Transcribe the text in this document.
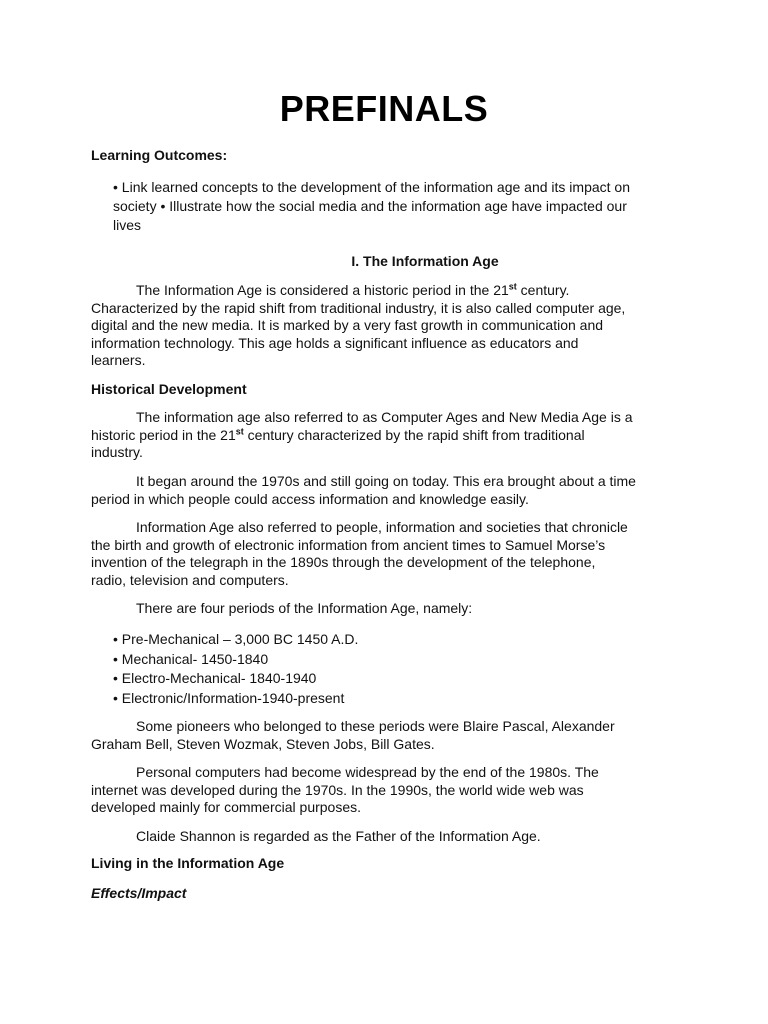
PREFINALS
Learning Outcomes:
• Link learned concepts to the development of the information age and its impact on
society • Illustrate how the social media and the information age have impacted our
lives
I. The Information Age
The Information Age is considered a historic period in the 21st century.
Characterized by the rapid shift from traditional industry, it is also called computer age,
digital and the new media. It is marked by a very fast growth in communication and
information technology. This age holds a significant influence as educators and
learners.
Historical Development
The information age also referred to as Computer Ages and New Media Age is a
historic period in the 21st century characterized by the rapid shift from traditional
industry.
It began around the 1970s and still going on today. This era brought about a time
period in which people could access information and knowledge easily.
Information Age also referred to people, information and societies that chronicle
the birth and growth of electronic information from ancient times to Samuel Morse’s
invention of the telegraph in the 1890s through the development of the telephone,
radio, television and computers.
There are four periods of the Information Age, namely:
• Pre-Mechanical – 3,000 BC 1450 A.D.
• Mechanical- 1450-1840
• Electro-Mechanical- 1840-1940
• Electronic/Information-1940-present
Some pioneers who belonged to these periods were Blaire Pascal, Alexander
Graham Bell, Steven Wozmak, Steven Jobs, Bill Gates.
Personal computers had become widespread by the end of the 1980s. The
internet was developed during the 1970s. In the 1990s, the world wide web was
developed mainly for commercial purposes.
Claide Shannon is regarded as the Father of the Information Age.
Living in the Information Age
Effects/Impact
